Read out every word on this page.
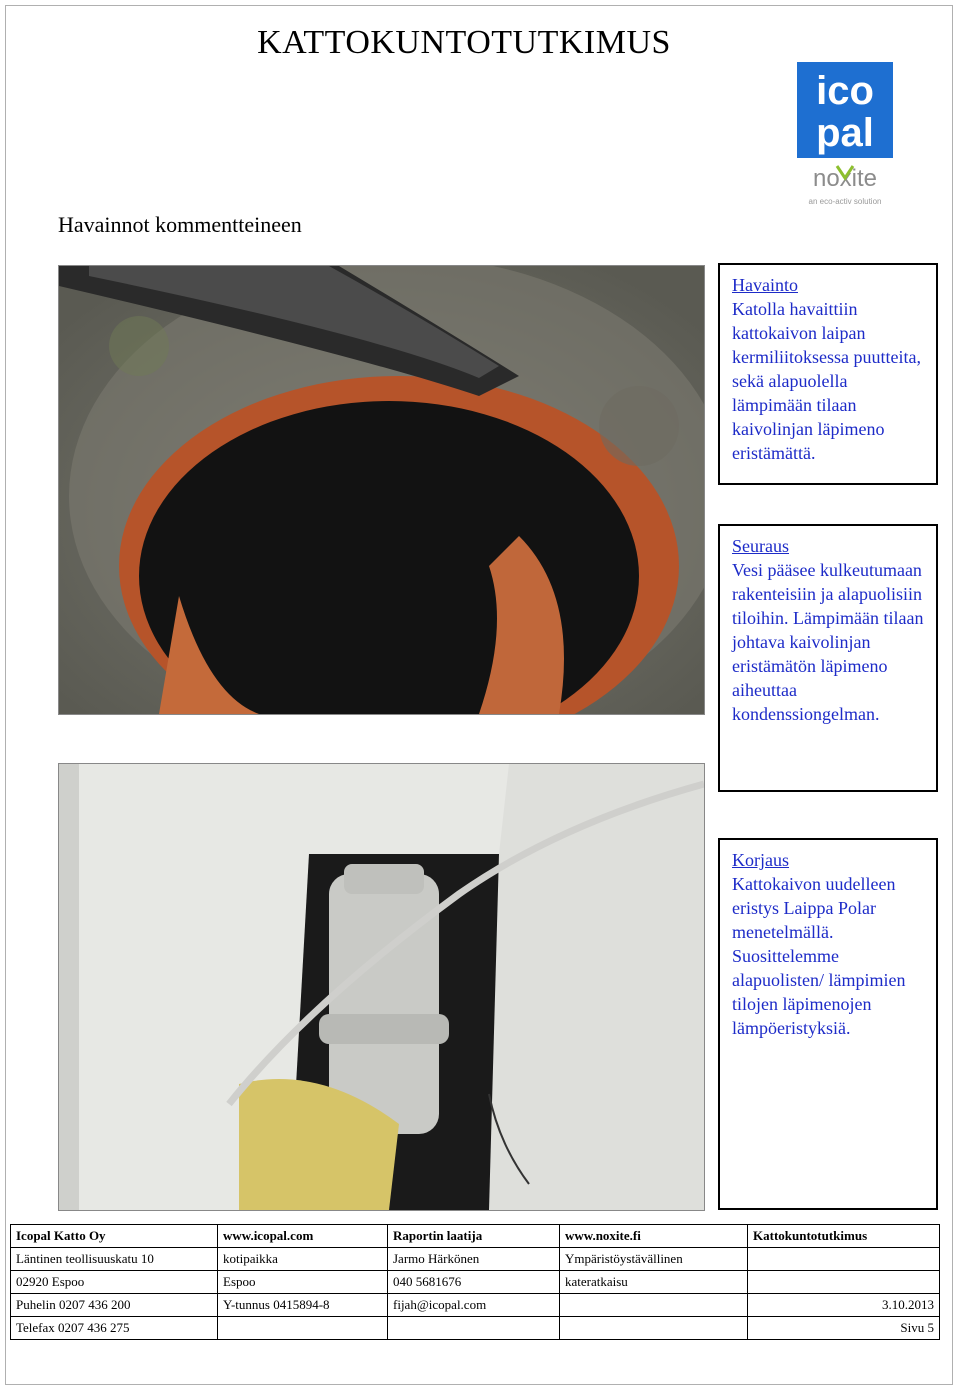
KATTOKUNTOTUTKIMUS
ico
pal
noxite
an eco-activ solution
Havainnot kommentteineen
Havainto
Katolla havaittiin kattokaivon laipan kermiliitoksessa puutteita, sekä alapuolella lämpimään tilaan kaivolinjan läpimeno eristämättä.
Seuraus
Vesi pääsee kulkeutumaan rakenteisiin ja alapuolisiin tiloihin. Lämpimään tilaan johtava kaivolinjan eristämätön läpimeno aiheuttaa kondenssiongelman.
Korjaus
Kattokaivon uudelleen eristys Laippa Polar menetelmällä. Suosittelemme alapuolisten/ lämpimien tilojen läpimenojen lämpöeristyksiä.
Icopal Katto Oy	www.icopal.com	Raportin laatija	www.noxite.fi	Kattokuntotutkimus
Läntinen teollisuuskatu 10	kotipaikka	Jarmo Härkönen	Ympäristöystävällinen	
02920 Espoo	Espoo	040 5681676	kateratkaisu	
Puhelin 0207 436 200	Y-tunnus 0415894-8	fijah@icopal.com		3.10.2013
Telefax 0207 436 275				Sivu 5
